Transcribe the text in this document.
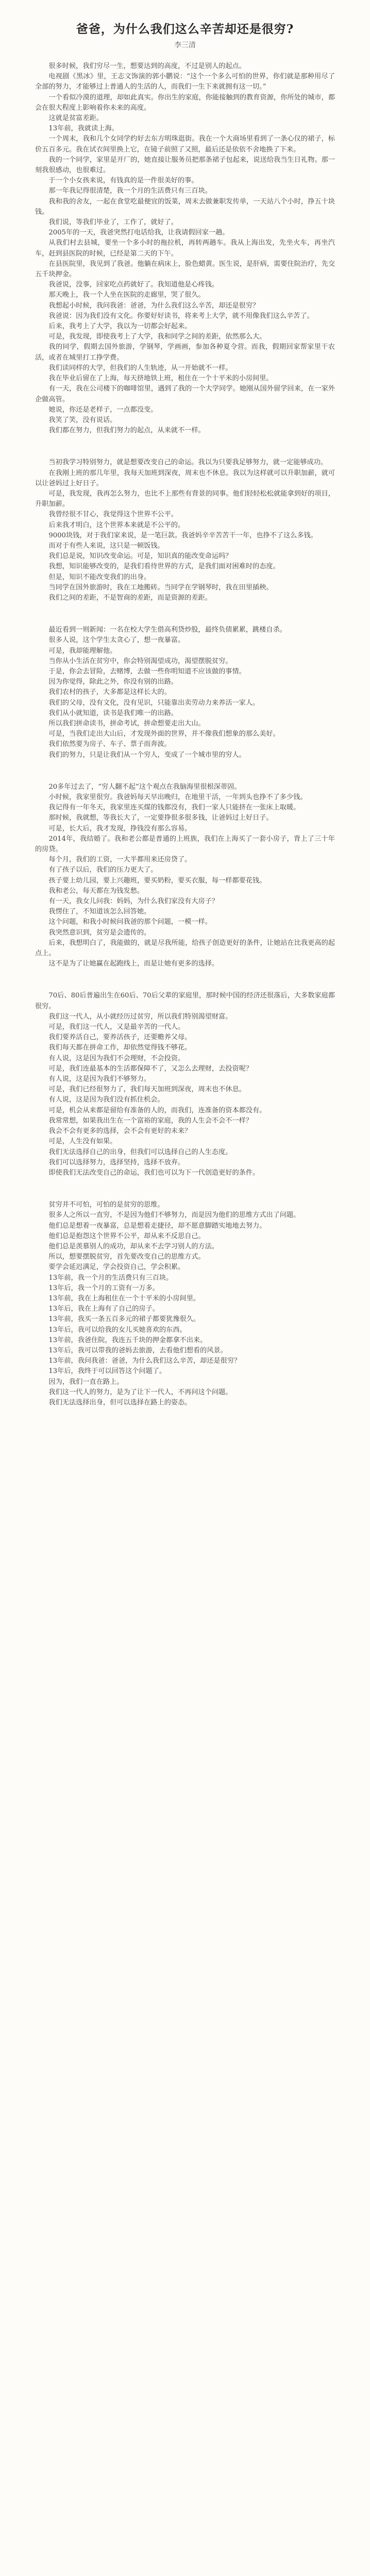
爸爸，为什么我们这么辛苦却还是很穷?
李三清

很多时候，我们穷尽一生，想要达到的高度，不过是别人的起点。

电视剧《黑冰》里，王志文饰演的郭小鹏说：“这个一个多么可怕的世界，你们就是那种用尽了全部的努力，才能够过上普通人的生活的人，而我们一生下来就拥有这一切。”

一个看似冷漠的道理，却如此真实。你出生的家庭，你能接触到的教育资源，你所处的城市，都会在很大程度上影响着你未来的高度。

这就是贫富差距。

13年前，我就读上海。

一个周末，我和几个女同学约好去东方明珠逛街。我在一个大商场里看到了一条心仪的裙子，标价五百多元。我在试衣间里换上它，在镜子前照了又照，最后还是依依不舍地换了下来。

我的一个同学，家里是开厂的，她直接让服务员把那条裙子包起来，说送给我当生日礼物。那一刻我很感动，也很难过。

于一个小女孩来说，有钱真的是一件很美好的事。

那一年我记得很清楚，我一个月的生活费只有三百块。

我和我的舍友，一起在食堂吃最便宜的饭菜，周末去做兼职发传单，一天站八个小时，挣五十块钱。

我们说，等我们毕业了，工作了，就好了。

2005年的一天，我爸突然打电话给我，让我请假回家一趟。

从我们村去县城，要坐一个多小时的拖拉机，再转两趟车。我从上海出发，先坐火车，再坐汽车，赶到县医院的时候，已经是第二天的下午。

在县医院里，我见到了我爸。他躺在病床上，脸色蜡黄。医生说，是肝病，需要住院治疗，先交五千块押金。

我爸说，没事，回家吃点药就好了。我知道他是心疼钱。

那天晚上，我一个人坐在医院的走廊里，哭了很久。

我想起小时候，我问我爸：爸爸，为什么我们这么辛苦，却还是很穷？

我爸说：因为我们没有文化。你要好好读书，将来考上大学，就不用像我们这么辛苦了。

后来，我考上了大学，我以为一切都会好起来。

可是，我发现，即使我考上了大学，我和同学之间的差距，依然那么大。

我的同学，假期去国外旅游，学钢琴，学画画，参加各种夏令营。而我，假期回家帮家里干农活，或者在城里打工挣学费。

我们读同样的大学，但我们的人生轨迹，从一开始就不一样。

我在毕业后留在了上海，每天挤地铁上班，租住在一个十平米的小房间里。

有一天，我在公司楼下的咖啡馆里，遇到了我的一个大学同学。她刚从国外留学回来，在一家外企做高管。

她说，你还是老样子，一点都没变。

我笑了笑，没有说话。

我们都在努力，但我们努力的起点，从来就不一样。

当初我学习特别努力，就是想要改变自己的命运。我以为只要我足够努力，就一定能够成功。

在我刚上班的那几年里，我每天加班到深夜，周末也不休息。我以为这样就可以升职加薪，就可以让爸妈过上好日子。

可是，我发现，我再怎么努力，也比不上那些有背景的同事。他们轻轻松松就能拿到好的项目，升职加薪。

我曾经很不甘心，我觉得这个世界不公平。

后来我才明白，这个世界本来就是不公平的。

9000块钱，对于我们家来说，是一笔巨款。我爸妈辛辛苦苦干一年，也挣不了这么多钱。

而对于有些人来说，这只是一顿饭钱。

我们总是说，知识改变命运。可是，知识真的能改变命运吗？

我想，知识能够改变的，是我们看待世界的方式，是我们面对困难时的态度。

但是，知识不能改变我们的出身。

当同学在国外旅游时，我在工地搬砖。当同学在学钢琴时，我在田里插秧。

我们之间的差距，不是智商的差距，而是资源的差距。

最近看到一则新闻：一名在校大学生借高利贷炒股，最终负债累累，跳楼自杀。

很多人说，这个学生太贪心了，想一夜暴富。

可是，我却能理解他。

当你从小生活在贫穷中，你会特别渴望成功，渴望摆脱贫穷。

于是，你会去冒险，去赌博，去做一些你明知道不应该做的事情。

因为你觉得，除此之外，你没有别的出路。

我们农村的孩子，大多都是这样长大的。

我们的父母，没有文化，没有见识，只能靠出卖劳动力来养活一家人。

我们从小就知道，读书是我们唯一的出路。

所以我们拼命读书，拼命考试，拼命想要走出大山。

可是，当我们走出大山后，才发现外面的世界，并不像我们想象的那么美好。

我们依然要为房子、车子、票子而奔波。

我们的努力，只是让我们从一个穷人，变成了一个城市里的穷人。

20多年过去了，“穷人翻不起”这个观点在我脑海里很根深蒂固。

小时候，我家里很穷。我爸妈每天早出晚归，在地里干活，一年到头也挣不了多少钱。

我记得有一年冬天，我家里连买煤的钱都没有，我们一家人只能挤在一张床上取暖。

那时候，我就想，等我长大了，一定要挣很多很多钱，让爸妈过上好日子。

可是，长大后，我才发现，挣钱没有那么容易。

2014年，我结婚了。我和老公都是普通的上班族，我们在上海买了一套小房子，背上了三十年的房贷。

每个月，我们的工资，一大半都用来还房贷了。

有了孩子以后，我们的压力更大了。

孩子要上幼儿园，要上兴趣班，要买奶粉，要买衣服，每一样都要花钱。

我和老公，每天都在为钱发愁。

有一天，我女儿问我：妈妈，为什么我们家没有大房子？

我愣住了，不知道该怎么回答她。

这个问题，和我小时候问我爸的那个问题，一模一样。

我突然意识到，贫穷是会遗传的。

后来，我想明白了，我能做的，就是尽我所能，给孩子创造更好的条件，让她站在比我更高的起点上。

这不是为了让她赢在起跑线上，而是让她有更多的选择。

70后、80后普遍出生在60后、70后父辈的家庭里，那时候中国的经济还很落后，大多数家庭都很穷。

我们这一代人，从小就经历过贫穷，所以我们特别渴望财富。

可是，我们这一代人，又是最辛苦的一代人。

我们要养活自己，要养活孩子，还要赡养父母。

我们每天都在拼命工作，却依然觉得钱不够花。

有人说，这是因为我们不会理财，不会投资。

可是，我们连最基本的生活都保障不了，又怎么去理财，去投资呢？

有人说，这是因为我们不够努力。

可是，我们已经很努力了，我们每天加班到深夜，周末也不休息。

有人说，这是因为我们没有抓住机会。

可是，机会从来都是留给有准备的人的，而我们，连准备的资本都没有。

我常常想，如果我出生在一个富裕的家庭，我的人生会不会不一样？

我会不会有更多的选择，会不会有更好的未来？

可是，人生没有如果。

我们无法选择自己的出身，但我们可以选择自己的人生态度。

我们可以选择努力，选择坚持，选择不放弃。

即使我们无法改变自己的命运，我们也可以为下一代创造更好的条件。

贫穷并不可怕，可怕的是贫穷的思维。

很多人之所以一直穷，不是因为他们不够努力，而是因为他们的思维方式出了问题。

他们总是想着一夜暴富，总是想着走捷径，却不愿意脚踏实地地去努力。

他们总是抱怨这个世界不公平，却从来不反思自己。

他们总是羡慕别人的成功，却从来不去学习别人的方法。

所以，想要摆脱贫穷，首先要改变自己的思维方式。

要学会延迟满足，学会投资自己，学会积累。

13年前，我一个月的生活费只有三百块。

13年后，我一个月的工资有一万多。

13年前，我在上海租住在一个十平米的小房间里。

13年后，我在上海有了自己的房子。

13年前，我买一条五百多元的裙子都要犹豫很久。

13年后，我可以给我的女儿买她喜欢的东西。

13年前，我爸住院，我连五千块的押金都拿不出来。

13年后，我可以带我的爸妈去旅游，去看他们想看的风景。

13年前，我问我爸：爸爸，为什么我们这么辛苦，却还是很穷？

13年后，我终于可以回答这个问题了。

因为，我们一直在路上。

我们这一代人的努力，是为了让下一代人，不再问这个问题。

我们无法选择出身，但可以选择在路上的姿态。
